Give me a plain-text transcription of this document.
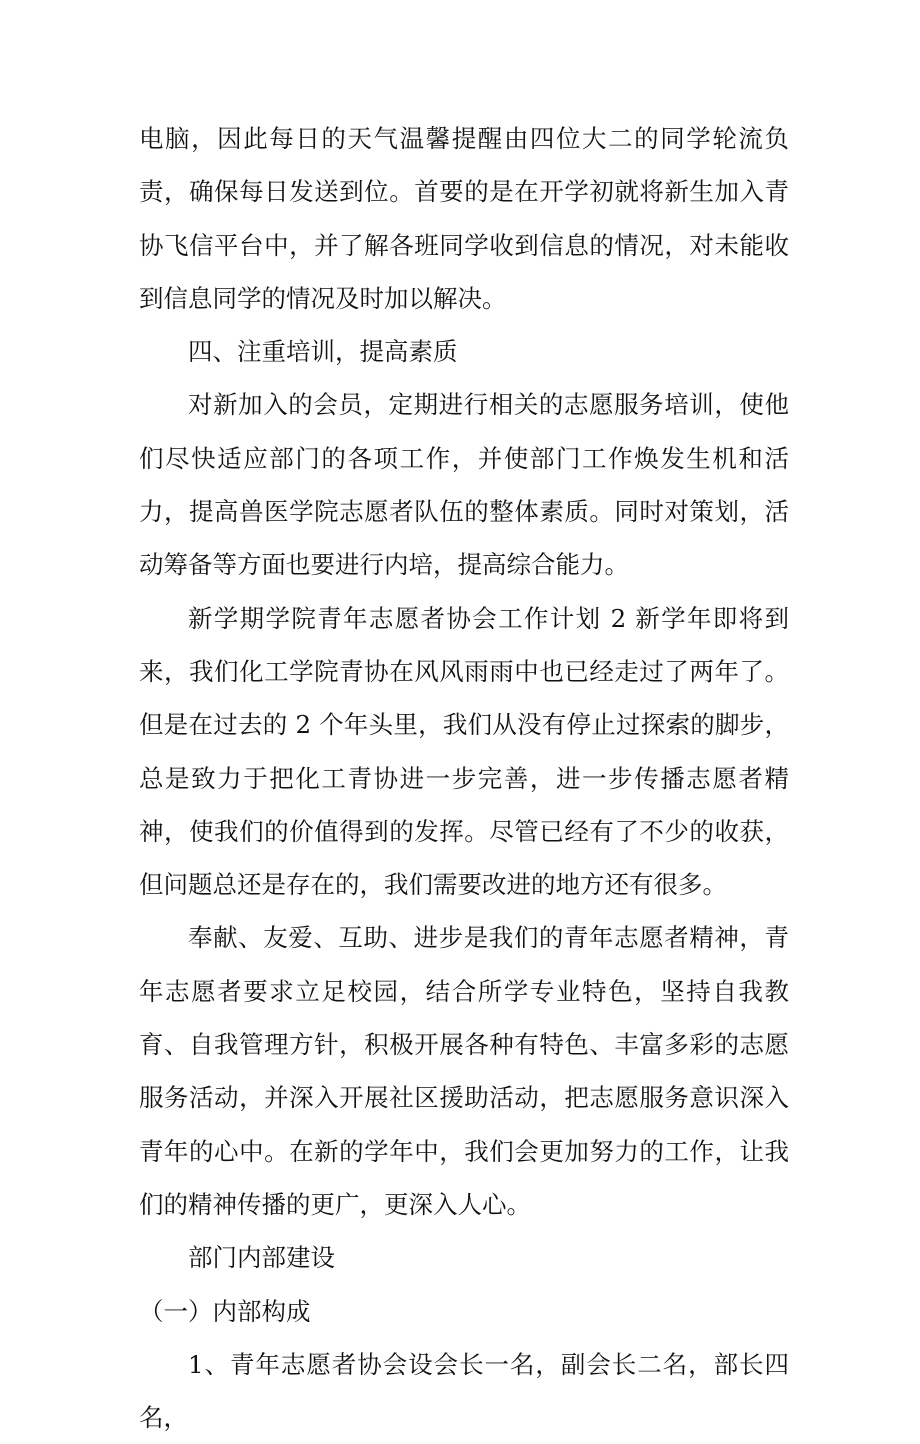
电脑，因此每日的天气温馨提醒由四位大二的同学轮流负责，确保每日发送到位。首要的是在开学初就将新生加入青协飞信平台中，并了解各班同学收到信息的情况，对未能收到信息同学的情况及时加以解决。

四、注重培训，提高素质

对新加入的会员，定期进行相关的志愿服务培训，使他们尽快适应部门的各项工作，并使部门工作焕发生机和活力，提高兽医学院志愿者队伍的整体素质。同时对策划，活动筹备等方面也要进行内培，提高综合能力。

新学期学院青年志愿者协会工作计划 2 新学年即将到来，我们化工学院青协在风风雨雨中也已经走过了两年了。但是在过去的 2 个年头里，我们从没有停止过探索的脚步，总是致力于把化工青协进一步完善，进一步传播志愿者精神，使我们的价值得到的发挥。尽管已经有了不少的收获，但问题总还是存在的，我们需要改进的地方还有很多。

奉献、友爱、互助、进步是我们的青年志愿者精神，青年志愿者要求立足校园，结合所学专业特色，坚持自我教育、自我管理方针，积极开展各种有特色、丰富多彩的志愿服务活动，并深入开展社区援助活动，把志愿服务意识深入青年的心中。在新的学年中，我们会更加努力的工作，让我们的精神传播的更广，更深入人心。

部门内部建设

（一）内部构成

1、青年志愿者协会设会长一名，副会长二名，部长四名，
